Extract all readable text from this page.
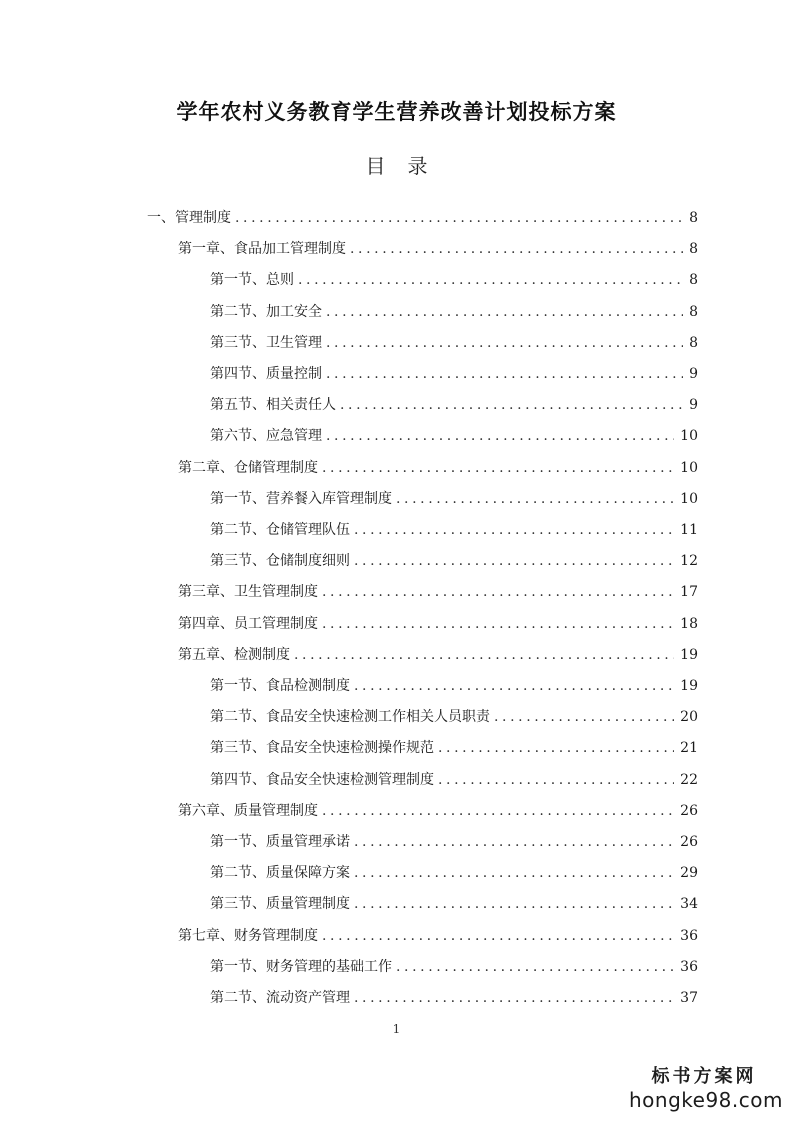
学年农村义务教育学生营养改善计划投标方案
目录
一、管理制度 .....	8
第一章、食品加工管理制度 .....	8
第一节、总则 .....	8
第二节、加工安全 .....	8
第三节、卫生管理 .....	8
第四节、质量控制 .....	9
第五节、相关责任人 .....	9
第六节、应急管理 .....	10
第二章、仓储管理制度 .....	10
第一节、营养餐入库管理制度 .....	10
第二节、仓储管理队伍 .....	11
第三节、仓储制度细则 .....	12
第三章、卫生管理制度 .....	17
第四章、员工管理制度 .....	18
第五章、检测制度 .....	19
第一节、食品检测制度 .....	19
第二节、食品安全快速检测工作相关人员职责 .....	20
第三节、食品安全快速检测操作规范 .....	21
第四节、食品安全快速检测管理制度 .....	22
第六章、质量管理制度 .....	26
第一节、质量管理承诺 .....	26
第二节、质量保障方案 .....	29
第三节、质量管理制度 .....	34
第七章、财务管理制度 .....	36
第一节、财务管理的基础工作 .....	36
第二节、流动资产管理 .....	37
1
标书方案网
hongke98.com
